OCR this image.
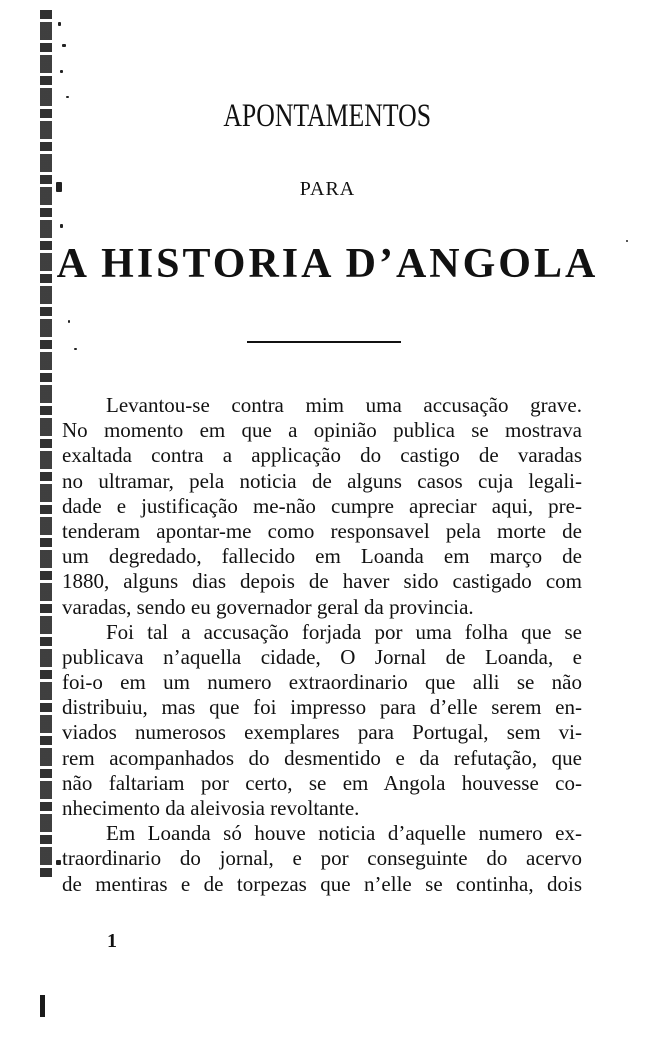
APONTAMENTOS
PARA
A HISTORIA D’ANGOLA
Levantou-se contra mim uma accusação grave.
No momento em que a opinião publica se mostrava
exaltada contra a applicação do castigo de varadas
no ultramar, pela noticia de alguns casos cuja legali-
dade e justificação me-não cumpre apreciar aqui, pre-
tenderam apontar-me como responsavel pela morte de
um degredado, fallecido em Loanda em março de
1880, alguns dias depois de haver sido castigado com
varadas, sendo eu governador geral da provincia.
Foi tal a accusação forjada por uma folha que se
publicava n’aquella cidade, O Jornal de Loanda, e
foi-o em um numero extraordinario que alli se não
distribuiu, mas que foi impresso para d’elle serem en-
viados numerosos exemplares para Portugal, sem vi-
rem acompanhados do desmentido e da refutação, que
não faltariam por certo, se em Angola houvesse co-
nhecimento da aleivosia revoltante.
Em Loanda só houve noticia d’aquelle numero ex-
traordinario do jornal, e por conseguinte do acervo
de mentiras e de torpezas que n’elle se continha, dois
1
